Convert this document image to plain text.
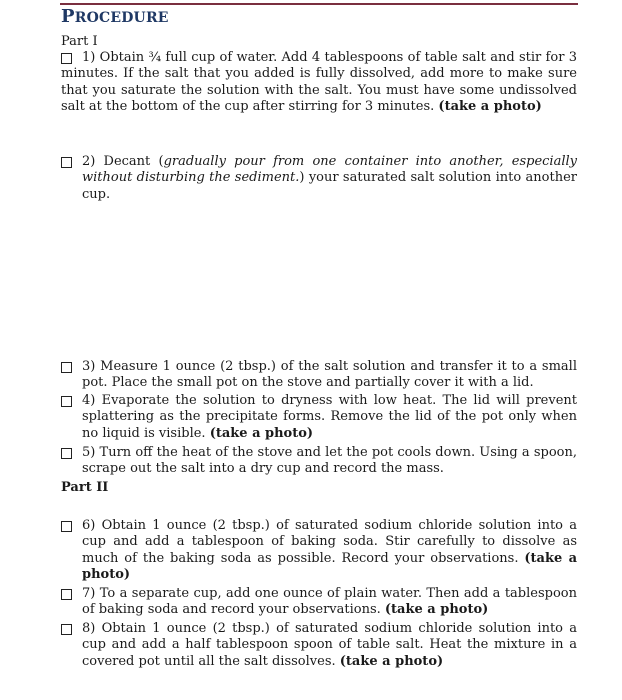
PROCEDURE
Part I
1) Obtain ¾ full cup of water. Add 4 tablespoons of table salt and stir for 3 minutes. If the salt that you added is fully dissolved, add more to make sure that you saturate the solution with the salt. You must have some undissolved salt at the bottom of the cup after stirring for 3 minutes. (take a photo)
2) Decant (gradually pour from one container into another, especially without disturbing the sediment.) your saturated salt solution into another cup.
3) Measure 1 ounce (2 tbsp.) of the salt solution and transfer it to a small pot. Place the small pot on the stove and partially cover it with a lid.
4) Evaporate the solution to dryness with low heat. The lid will prevent splattering as the precipitate forms. Remove the lid of the pot only when no liquid is visible. (take a photo)
5) Turn off the heat of the stove and let the pot cools down. Using a spoon, scrape out the salt into a dry cup and record the mass.
Part II
6) Obtain 1 ounce (2 tbsp.) of saturated sodium chloride solution into a cup and add a tablespoon of baking soda. Stir carefully to dissolve as much of the baking soda as possible. Record your observations. (take a photo)
7) To a separate cup, add one ounce of plain water. Then add a tablespoon of baking soda and record your observations. (take a photo)
8) Obtain 1 ounce (2 tbsp.) of saturated sodium chloride solution into a cup and add a half tablespoon spoon of table salt. Heat the mixture in a covered pot until all the salt dissolves. (take a photo)
